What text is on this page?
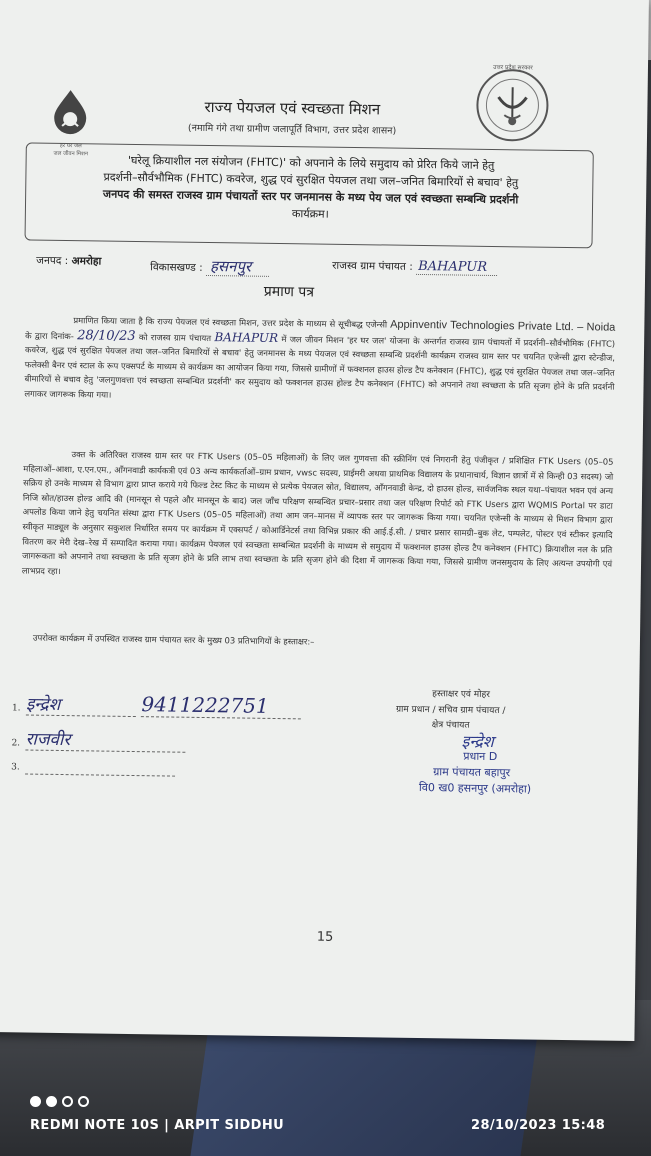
हर घर जल
जल जीवन मिशन
उत्तर प्रदेश सरकार
राज्य पेयजल एवं स्वच्छता मिशन
(नमामि गंगे तथा ग्रामीण जलापूर्ति विभाग, उत्तर प्रदेश शासन)
'घरेलू क्रियाशील नल संयोजन (FHTC)' को अपनाने के लिये समुदाय को प्रेरित किये जाने हेतु
प्रदर्शनी–सौर्वभौमिक (FHTC) कवरेज, शुद्ध एवं सुरक्षित पेयजल तथा जल–जनित बिमारियों से बचाव' हेतु
जनपद की समस्त राजस्व ग्राम पंचायतों स्तर पर जनमानस के मध्य पेय जल एवं स्वच्छता सम्बन्धि प्रदर्शनी
कार्यक्रम।
जनपद : अमरोहा	विकासखण्ड : हसनपुर	राजस्व ग्राम पंचायत : BAHAPUR
प्रमाण पत्र
प्रमाणित किया जाता है कि राज्य पेयजल एवं स्वच्छता मिशन, उत्तर प्रदेश के माध्यम से सूचीबद्ध एजेन्सी Appinventiv Technologies Private Ltd. – Noida के द्वारा दिनांक- 28/10/23 को राजस्व ग्राम पंचायत BAHAPUR में जल जीवन मिशन 'हर घर जल' योजना के अन्तर्गत राजस्व ग्राम पंचायतों में प्रदर्शनी–सौर्वभौमिक (FHTC) कवरेज, शुद्ध एवं सुरक्षित पेयजल तथा जल–जनित बिमारियों से बचाव' हेतु जनमानस के मध्य पेयजल एवं स्वच्छता सम्बन्धि प्रदर्शनी कार्यक्रम राजस्व ग्राम स्तर पर चयनित एजेन्सी द्वारा स्टेन्डीज, फलेक्सी बैनर एवं स्टाल के रूप एक्सपर्ट के माध्यम से कार्यक्रम का आयोजन किया गया, जिससे ग्रामीणों में फक्शनल हाउस होल्ड टैप कनेक्शन (FHTC), शुद्ध एवं सुरक्षित पेयजल तथा जल–जनित बीमारियों से बचाव हेतु 'जलगुणवत्ता एवं स्वच्छता सम्बन्धित प्रदर्शनी' कर समुदाय को फक्शनल हाउस होल्ड टैप कनेक्शन (FHTC) को अपनाने तथा स्वच्छता के प्रति सृजग होने के प्रति प्रदर्शनी लगाकर जागरूक किया गया।
उक्त के अतिरिक्त राजस्व ग्राम स्तर पर FTK Users (05–05 महिलाओं) के लिए जल गुणवत्ता की स्क्रीनिंग एवं निगरानी हेतु पंजीकृत / प्रशिक्षित FTK Users (05–05 महिलाओं–आशा, ए.एन.एम., आँगनवाडी कार्यकत्री एवं 03 अन्य कार्यकर्ताओं–ग्राम प्रधान, vwsc सदस्य, प्राईमरी अथवा प्राथमिक विद्यालय के प्रधानाचार्य, विज्ञान छात्रों में से किन्ही 03 सदस्य) जो सक्रिय हो उनके माध्यम से विभाग द्वारा प्राप्त कराये गये फिल्ड टेस्ट किट के माध्यम से प्रत्येक पेयजल स्रोत, विद्यालय, आँगनवाडी केन्द्र, दो हाउस होल्ड, सार्वजनिक स्थल यथा–पंचायत भवन एवं अन्य निजि स्रोत/हाउस होल्ड आदि की (मानसून से पहले और मानसून के बाद) जल जाँच परिक्षण सम्बन्धित प्रचार–प्रसार तथा जल परिक्षण रिपोर्ट को FTK Users द्वारा WQMIS Portal पर डाटा अपलोड किया जाने हेतु चयनित संस्था द्वारा FTK Users (05–05 महिलाओं) तथा आम जन–मानस में व्यापक स्तर पर जागरूक किया गया। चयनित एजेन्सी के माध्यम से मिशन विभाग द्वारा स्वीकृत माड्यूल के अनुसार सकुशल निर्धारित समय पर कार्यक्रम में एक्सपर्ट / कोआर्डिनेटर्स तथा विभिन्न प्रकार की आई.ई.सी. / प्रचार प्रसार सामग्री–बुक लेट, पम्पलेट, पोस्टर एवं स्टीकर इत्यादि वितरण कर मेरी देख–रेख में सम्पादित कराया गया। कार्यक्रम पेयजल एवं स्वच्छता सम्बन्धित प्रदर्शनी के माध्यम से समुदाय में फक्शनल हाउस होल्ड टैप कनेक्शन (FHTC) क्रियाशील नल के प्रति जागरूकता को अपनाने तथा स्वच्छता के प्रति सृजग होने के प्रति लाभ तथा स्वच्छता के प्रति सृजग होने की दिशा में जागरूक किया गया, जिससे ग्रामीण जनसमुदाय के लिए अत्यन्त उपयोगी एवं लाभप्रद रहा।
उपरोक्त कार्यक्रम में उपस्थित राजस्व ग्राम पंचायत स्तर के मुख्य 03 प्रतिभागियों के हस्ताक्षर:–
1. इन्द्रेश	9411222751
2. राजवीर
3.
हस्ताक्षर एवं मोहर
ग्राम प्रधान / सचिव ग्राम पंचायत /
क्षेत्र पंचायत
इन्द्रेश
प्रधान D
ग्राम पंचायत बहापुर
वि0 ख0 हसनपुर (अमरोहा)
15
REDMI NOTE 10S | ARPIT SIDDHU	28/10/2023 15:48
